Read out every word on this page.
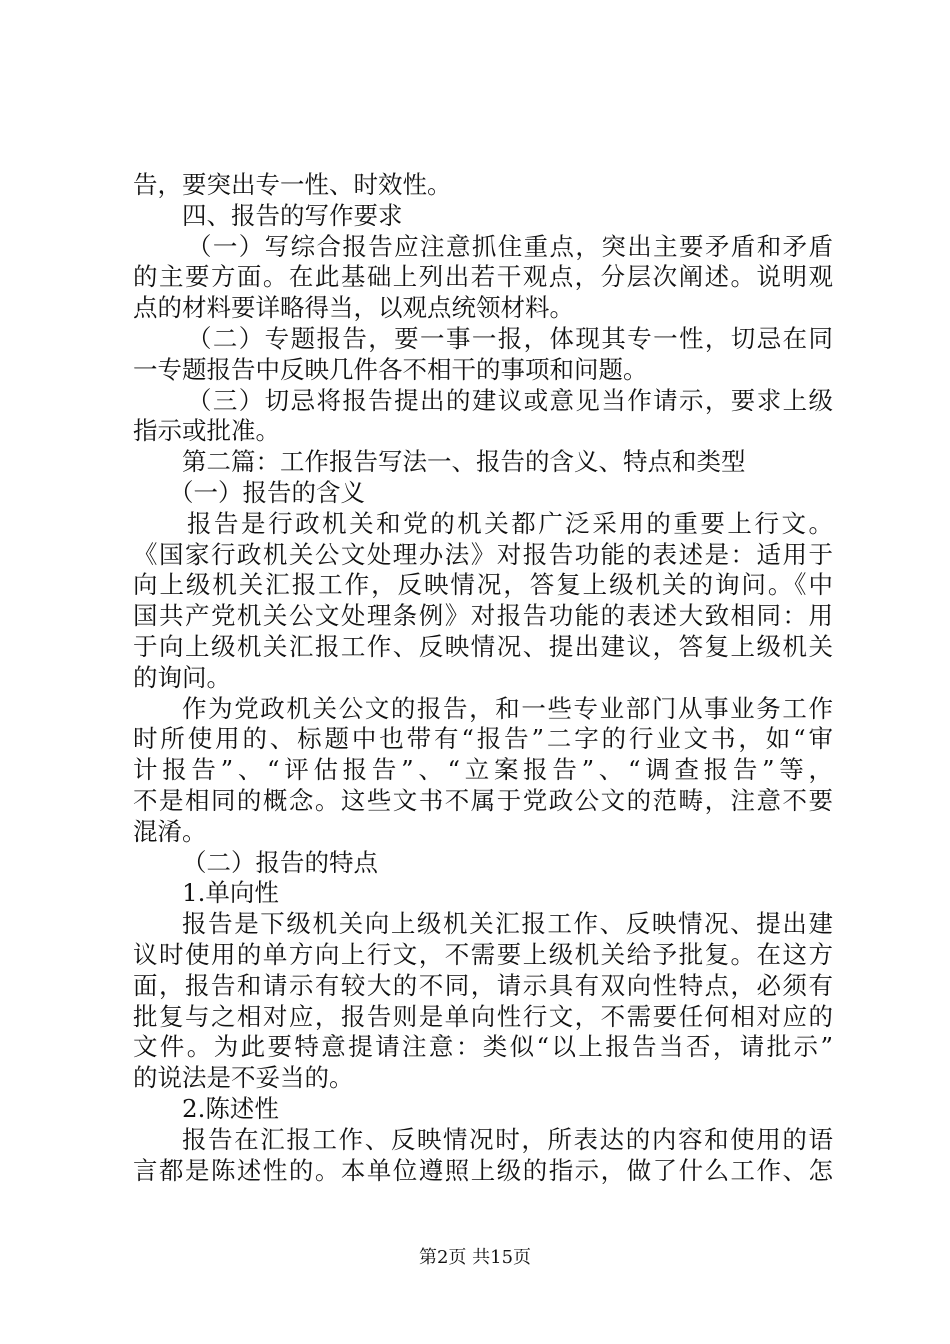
告，要突出专一性、时效性。
四、报告的写作要求
（一）写综合报告应注意抓住重点，突出主要矛盾和矛盾
的主要方面。在此基础上列出若干观点，分层次阐述。说明观
点的材料要详略得当，以观点统领材料。
（二）专题报告，要一事一报，体现其专一性，切忌在同
一专题报告中反映几件各不相干的事项和问题。
（三）切忌将报告提出的建议或意见当作请示，要求上级
指示或批准。
第二篇：工作报告写法一、报告的含义、特点和类型
（一）报告的含义
报告是行政机关和党的机关都广泛采用的重要上行文。
《国家行政机关公文处理办法》对报告功能的表述是：适用于
向上级机关汇报工作，反映情况，答复上级机关的询问。《中
国共产党机关公文处理条例》对报告功能的表述大致相同：用
于向上级机关汇报工作、反映情况、提出建议，答复上级机关
的询问。
作为党政机关公文的报告，和一些专业部门从事业务工作
时所使用的、标题中也带有“报告”二字的行业文书，如“审
计报告”、“评估报告”、“立案报告”、“调查报告”等，
不是相同的概念。这些文书不属于党政公文的范畴，注意不要
混淆。
（二）报告的特点
1.单向性
报告是下级机关向上级机关汇报工作、反映情况、提出建
议时使用的单方向上行文，不需要上级机关给予批复。在这方
面，报告和请示有较大的不同，请示具有双向性特点，必须有
批复与之相对应，报告则是单向性行文，不需要任何相对应的
文件。为此要特意提请注意：类似“以上报告当否，请批示”
的说法是不妥当的。
2.陈述性
报告在汇报工作、反映情况时，所表达的内容和使用的语
言都是陈述性的。本单位遵照上级的指示，做了什么工作、怎
第2页 共15页
